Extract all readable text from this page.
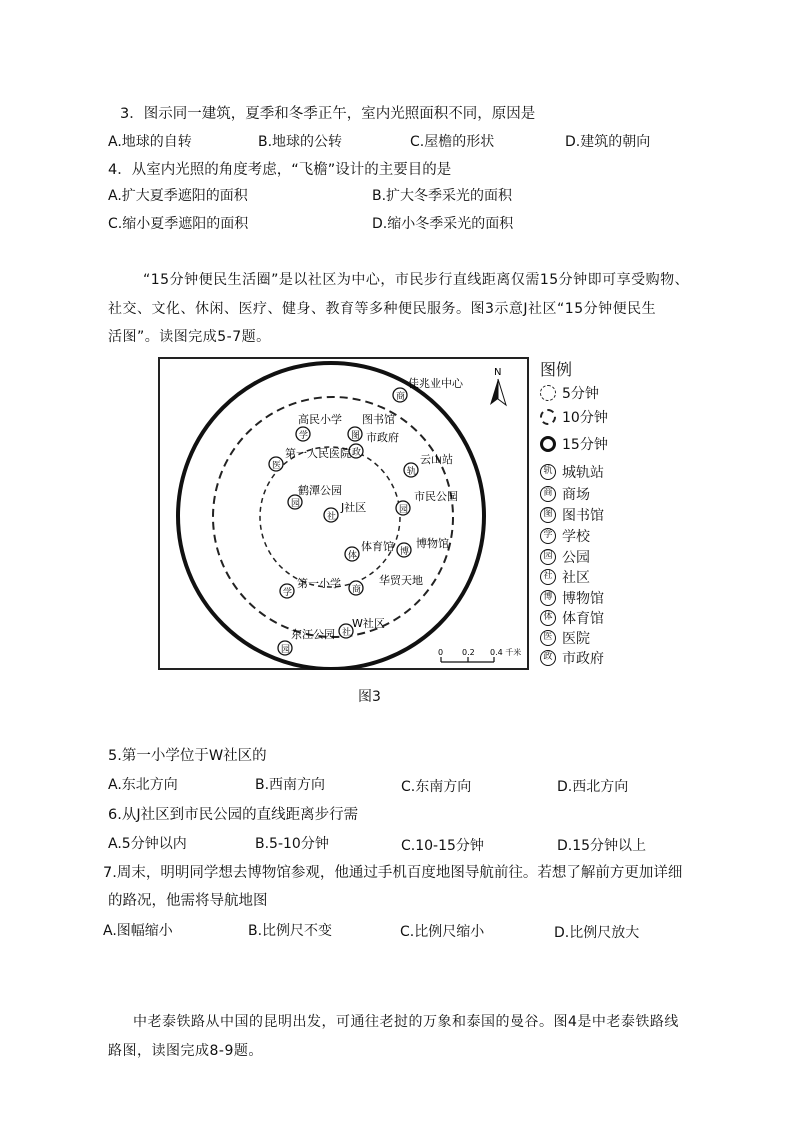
3．图示同一建筑，夏季和冬季正午，室内光照面积不同，原因是
A.地球的自转	B.地球的公转	C.屋檐的形状	D.建筑的朝向
4．从室内光照的角度考虑，“飞檐”设计的主要目的是
A.扩大夏季遮阳的面积	B.扩大冬季采光的面积
C.缩小夏季遮阳的面积	D.缩小冬季采光的面积
“15分钟便民生活圈”是以社区为中心，市民步行直线距离仅需15分钟即可享受购物、
社交、文化、休闲、医疗、健身、教育等多种便民服务。图3示意J社区“15分钟便民生
活图”。读图完成5-7题。
N
商
佳兆业中心
学
高民小学
图
图书馆
政
市政府
医
第一人民医院
轨
云山站
园
鹤潭公园
社
J社区	园
市民公园
体
体育馆 博
博物馆
商
华贸天地
学
第一小学
社
W社区
园
东江公园
0 0.2 0.4 千米
图例
5分钟
10分钟
15分钟
轨 城轨站
商 商场
图 图书馆
学 学校
园 公园
社 社区
博 博物馆
体 体育馆
医 医院
政 市政府
图3
5.第一小学位于W社区的
A.东北方向	B.西南方向	C.东南方向	D.西北方向
6.从J社区到市民公园的直线距离步行需
A.5分钟以内	B.5-10分钟	C.10-15分钟	D.15分钟以上
7.周末，明明同学想去博物馆参观，他通过手机百度地图导航前往。若想了解前方更加详细
的路况，他需将导航地图
A.图幅缩小	B.比例尺不变	C.比例尺缩小	D.比例尺放大
中老泰铁路从中国的昆明出发，可通往老挝的万象和泰国的曼谷。图4是中老泰铁路线
路图，读图完成8-9题。
